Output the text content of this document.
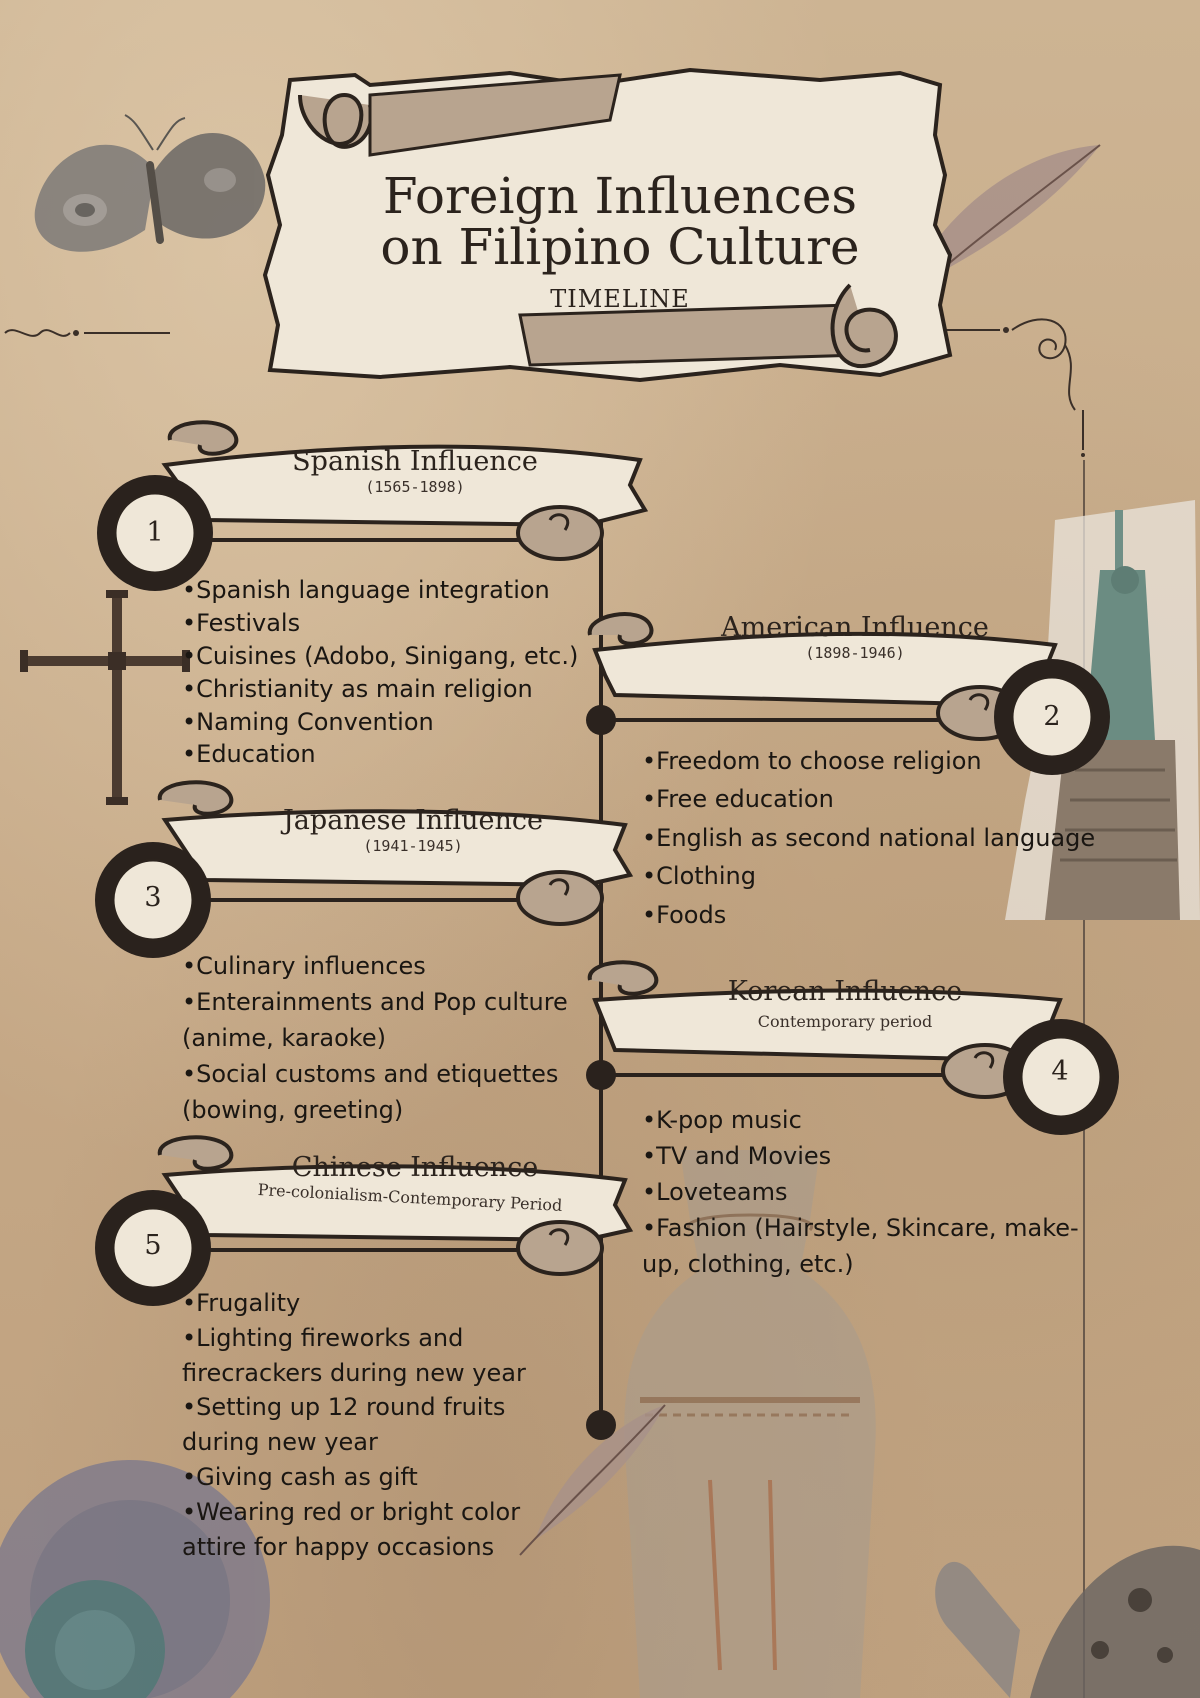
Foreign Influences
on Filipino Culture
TIMELINE
Spanish Influence
(1565-1898)
1
•Spanish language integration
•Festivals
•Cuisines (Adobo, Sinigang, etc.)
•Christianity as main religion
•Naming Convention
•Education
American Influence
(1898-1946)
2
•Freedom to choose religion
•Free education
•English as second national language
•Clothing
•Foods
Japanese Influence
(1941-1945)
3
•Culinary influences
•Enterainments and Pop culture (anime, karaoke)
•Social customs and etiquettes (bowing, greeting)
Korean Influence
Contemporary period
4
•K-pop music
•TV and Movies
•Loveteams
•Fashion (Hairstyle, Skincare, make-up, clothing, etc.)
Chinese Influence
Pre-colonialism-Contemporary Period
5
•Frugality
•Lighting fireworks and firecrackers during new year
•Setting up 12 round fruits during new year
•Giving cash as gift
•Wearing red or bright color attire for happy occasions
